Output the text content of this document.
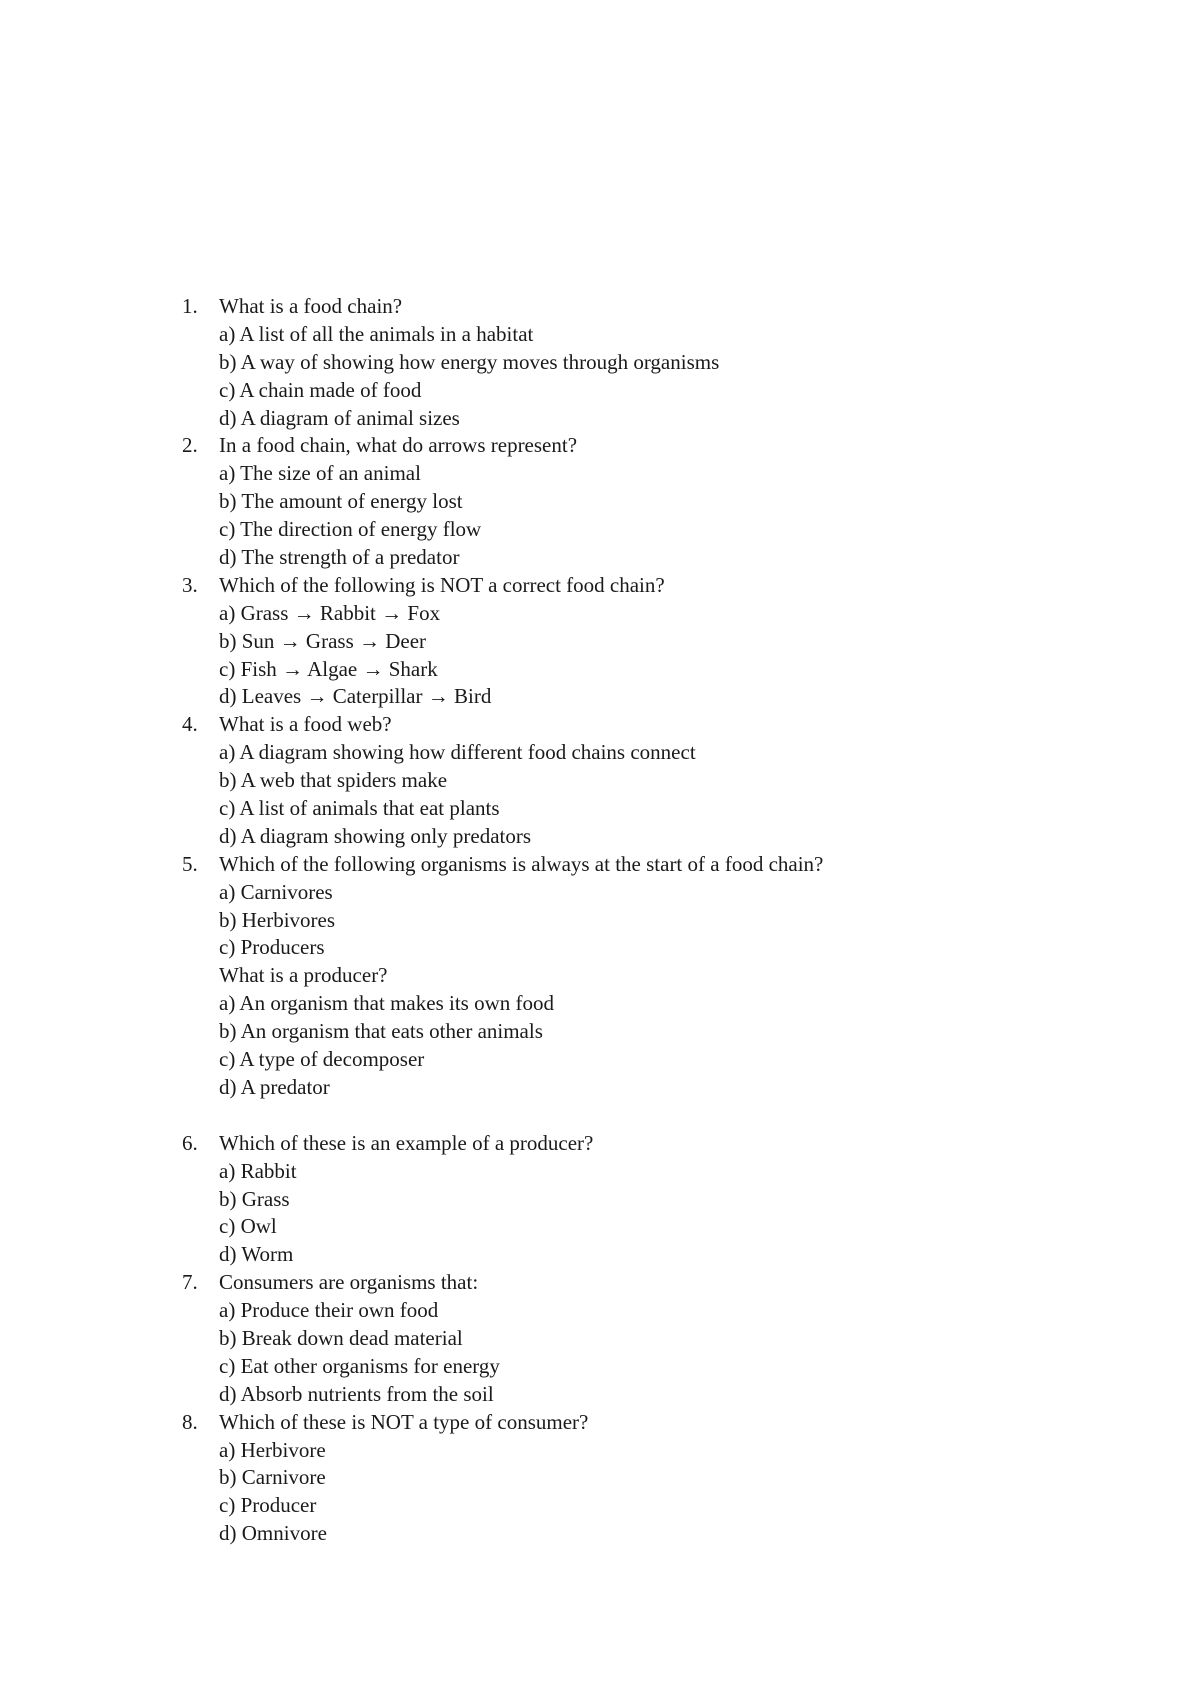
1. What is a food chain?
a) A list of all the animals in a habitat
b) A way of showing how energy moves through organisms
c) A chain made of food
d) A diagram of animal sizes
2. In a food chain, what do arrows represent?
a) The size of an animal
b) The amount of energy lost
c) The direction of energy flow
d) The strength of a predator
3. Which of the following is NOT a correct food chain?
a) Grass → Rabbit → Fox
b) Sun → Grass → Deer
c) Fish → Algae → Shark
d) Leaves → Caterpillar → Bird
4. What is a food web?
a) A diagram showing how different food chains connect
b) A web that spiders make
c) A list of animals that eat plants
d) A diagram showing only predators
5. Which of the following organisms is always at the start of a food chain?
a) Carnivores
b) Herbivores
c) Producers
What is a producer?
a) An organism that makes its own food
b) An organism that eats other animals
c) A type of decomposer
d) A predator
6. Which of these is an example of a producer?
a) Rabbit
b) Grass
c) Owl
d) Worm
7. Consumers are organisms that:
a) Produce their own food
b) Break down dead material
c) Eat other organisms for energy
d) Absorb nutrients from the soil
8. Which of these is NOT a type of consumer?
a) Herbivore
b) Carnivore
c) Producer
d) Omnivore
